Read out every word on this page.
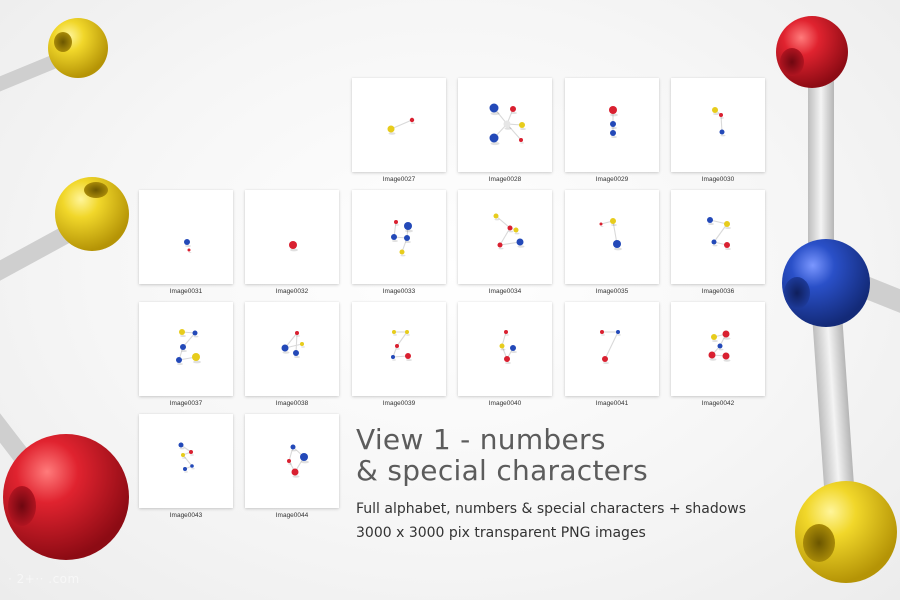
Image0027	Image0028	Image0029	Image0030
Image0031	Image0032	Image0033	Image0034	Image0035	Image0036
Image0037	Image0038	Image0039	Image0040	Image0041	Image0042
Image0043	Image0044
View 1 - numbers
& special characters
Full alphabet, numbers & special characters + shadows
3000 x 3000 pix transparent PNG images
· 2+·· .com
